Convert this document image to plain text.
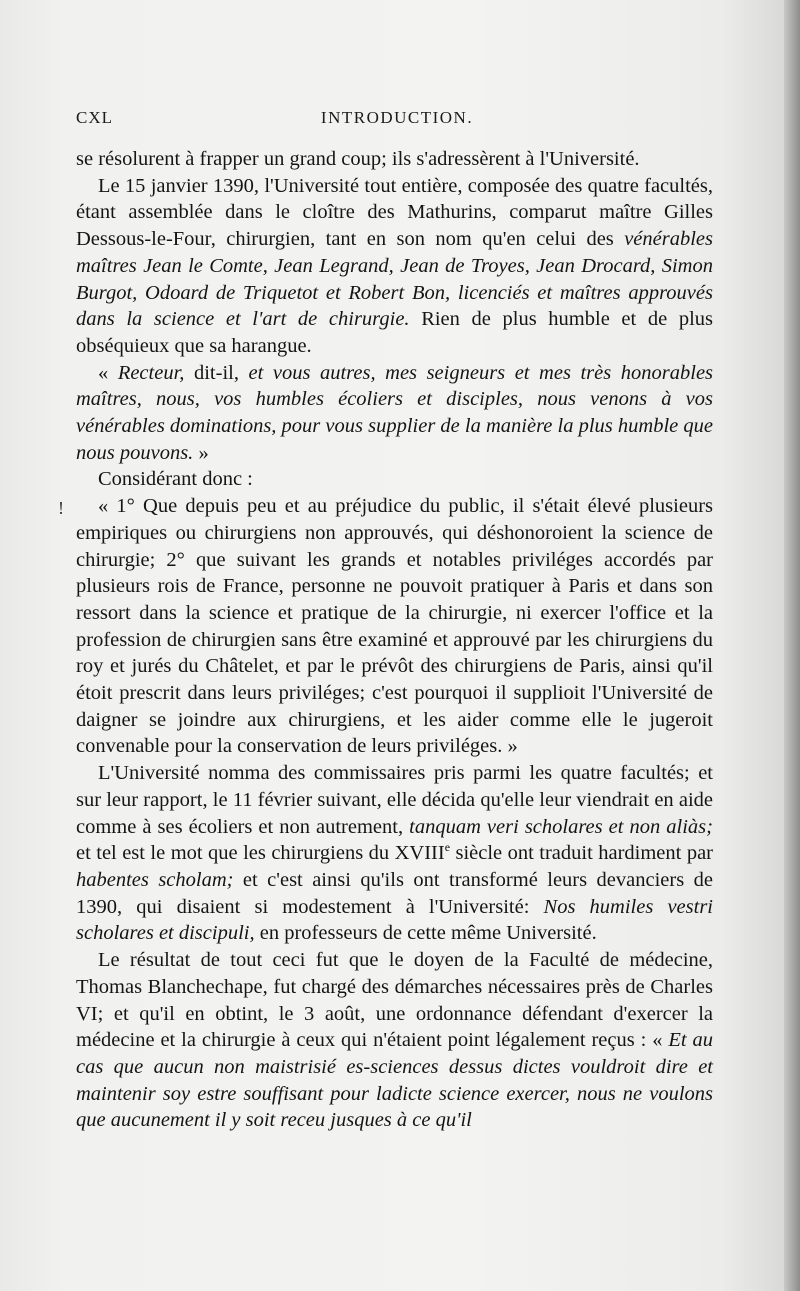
CXL	INTRODUCTION.
!

se résolurent à frapper un grand coup; ils s'adressèrent à l'Université.

Le 15 janvier 1390, l'Université tout entière, composée des quatre facultés, étant assemblée dans le cloître des Mathurins, comparut maître Gilles Dessous-le-Four, chirurgien, tant en son nom qu'en celui des vénérables maîtres Jean le Comte, Jean Legrand, Jean de Troyes, Jean Drocard, Simon Burgot, Odoard de Triquetot et Robert Bon, licenciés et maîtres approuvés dans la science et l'art de chirurgie. Rien de plus humble et de plus obséquieux que sa harangue.

« Recteur, dit-il, et vous autres, mes seigneurs et mes très honorables maîtres, nous, vos humbles écoliers et disciples, nous venons à vos vénérables dominations, pour vous supplier de la manière la plus humble que nous pouvons. »

Considérant donc :

« 1° Que depuis peu et au préjudice du public, il s'était élevé plusieurs empiriques ou chirurgiens non approuvés, qui déshonoroient la science de chirurgie; 2° que suivant les grands et notables priviléges accordés par plusieurs rois de France, personne ne pouvoit pratiquer à Paris et dans son ressort dans la science et pratique de la chirurgie, ni exercer l'office et la profession de chirurgien sans être examiné et approuvé par les chirurgiens du roy et jurés du Châtelet, et par le prévôt des chirurgiens de Paris, ainsi qu'il étoit prescrit dans leurs priviléges; c'est pourquoi il supplioit l'Université de daigner se joindre aux chirurgiens, et les aider comme elle le jugeroit convenable pour la conservation de leurs priviléges. »

L'Université nomma des commissaires pris parmi les quatre facultés; et sur leur rapport, le 11 février suivant, elle décida qu'elle leur viendrait en aide comme à ses écoliers et non autrement, tanquam veri scholares et non aliàs; et tel est le mot que les chirurgiens du XVIIIe siècle ont traduit hardiment par habentes scholam; et c'est ainsi qu'ils ont transformé leurs devanciers de 1390, qui disaient si modestement à l'Université: Nos humiles vestri scholares et discipuli, en professeurs de cette même Université.

Le résultat de tout ceci fut que le doyen de la Faculté de médecine, Thomas Blanchechape, fut chargé des démarches nécessaires près de Charles VI; et qu'il en obtint, le 3 août, une ordonnance défendant d'exercer la médecine et la chirurgie à ceux qui n'étaient point légalement reçus : « Et au cas que aucun non maistrisié es-sciences dessus dictes vouldroit dire et maintenir soy estre souffisant pour ladicte science exercer, nous ne voulons que aucunement il y soit receu jusques à ce qu'il
